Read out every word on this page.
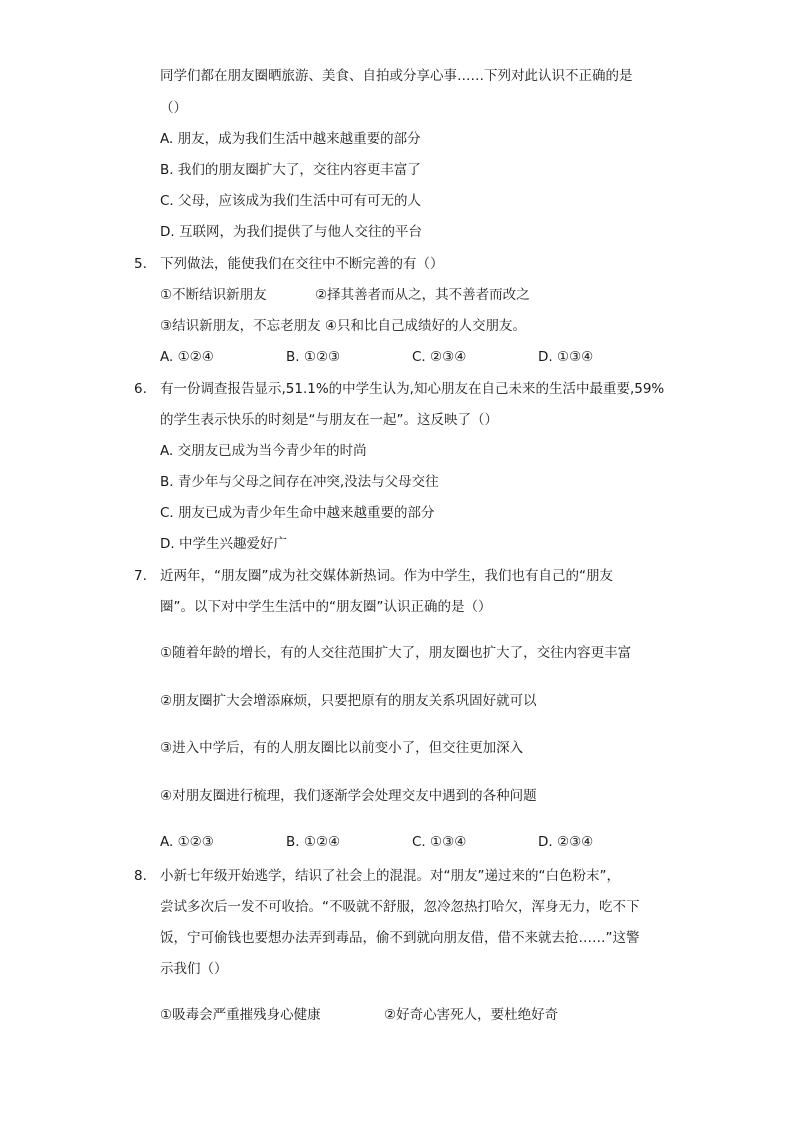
同学们都在朋友圈晒旅游、美食、自拍或分享心事……下列对此认识不正确的是
（）
A. 朋友，成为我们生活中越来越重要的部分
B. 我们的朋友圈扩大了，交往内容更丰富了
C. 父母，应该成为我们生活中可有可无的人
D. 互联网，为我们提供了与他人交往的平台
5. 下列做法，能使我们在交往中不断完善的有（）
①不断结识新朋友	②择其善者而从之，其不善者而改之
③结识新朋友，不忘老朋友 ④只和比自己成绩好的人交朋友。
A. ①②④	B. ①②③	C. ②③④	D. ①③④
6. 有一份调查报告显示,51.1%的中学生认为,知心朋友在自己未来的生活中最重要,59%
的学生表示快乐的时刻是“与朋友在一起”。这反映了（）
A. 交朋友已成为当今青少年的时尚
B. 青少年与父母之间存在冲突,没法与父母交往
C. 朋友已成为青少年生命中越来越重要的部分
D. 中学生兴趣爱好广
7. 近两年，“朋友圈”成为社交媒体新热词。作为中学生，我们也有自己的“朋友
圈”。以下对中学生生活中的“朋友圈”认识正确的是（）
①随着年龄的增长，有的人交往范围扩大了，朋友圈也扩大了，交往内容更丰富
②朋友圈扩大会增添麻烦，只要把原有的朋友关系巩固好就可以
③进入中学后，有的人朋友圈比以前变小了，但交往更加深入
④对朋友圈进行梳理，我们逐渐学会处理交友中遇到的各种问题
A. ①②③	B. ①②④	C. ①③④	D. ②③④
8. 小新七年级开始逃学，结识了社会上的混混。对“朋友”递过来的“白色粉末”，
尝试多次后一发不可收拾。“不吸就不舒服，忽冷忽热打哈欠，浑身无力，吃不下
饭，宁可偷钱也要想办法弄到毒品，偷不到就向朋友借，借不来就去抢……”这警
示我们（）
①吸毒会严重摧残身心健康	②好奇心害死人，要杜绝好奇
